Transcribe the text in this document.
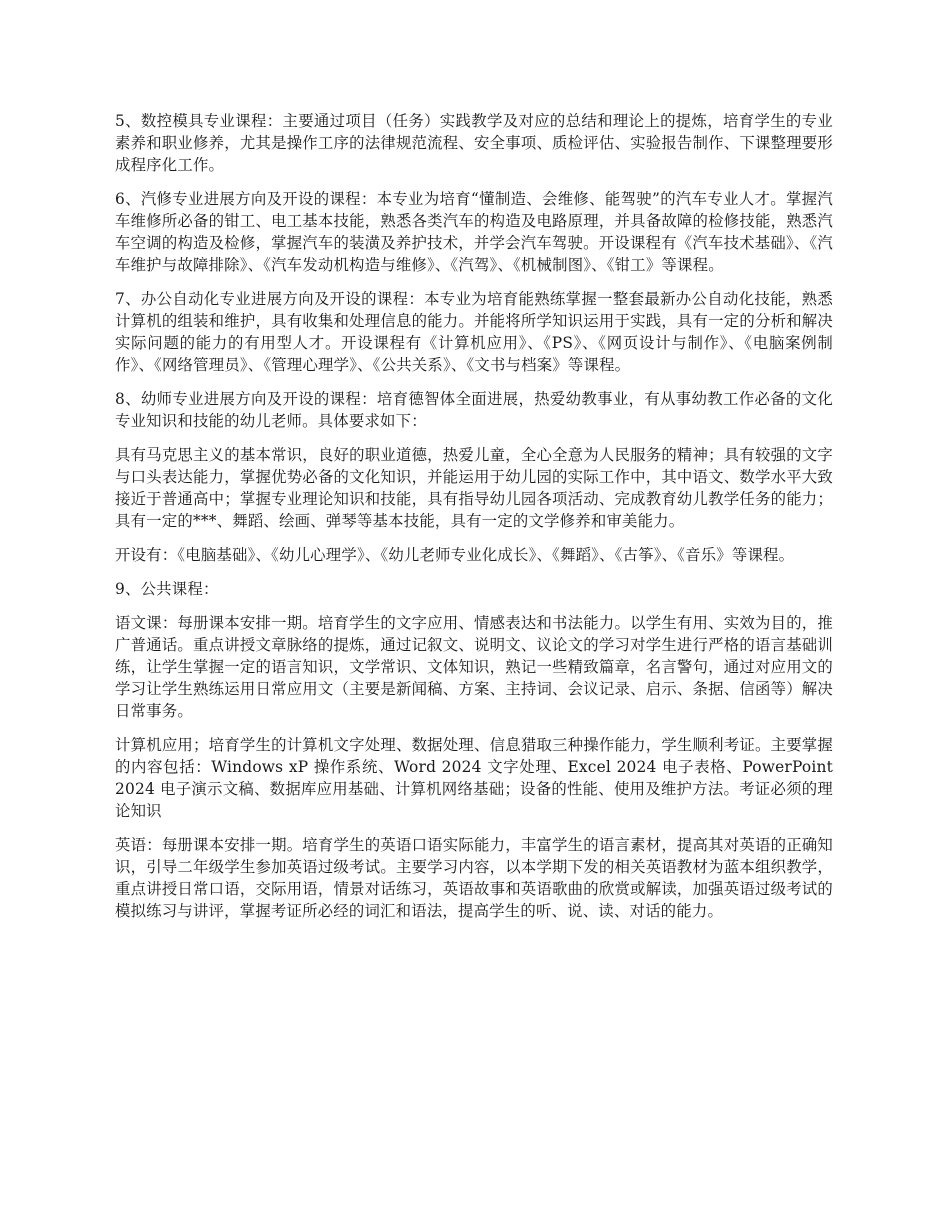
5、数控模具专业课程：主要通过项目（任务）实践教学及对应的总结和理论上的提炼，培育学生的专业素养和职业修养，尤其是操作工序的法律规范流程、安全事项、质检评估、实验报告制作、下课整理要形成程序化工作。

6、汽修专业进展方向及开设的课程：本专业为培育“懂制造、会维修、能驾驶”的汽车专业人才。掌握汽车维修所必备的钳工、电工基本技能，熟悉各类汽车的构造及电路原理，并具备故障的检修技能，熟悉汽车空调的构造及检修，掌握汽车的装潢及养护技术，并学会汽车驾驶。开设课程有《汽车技术基础》、《汽车维护与故障排除》、《汽车发动机构造与维修》、《汽驾》、《机械制图》、《钳工》等课程。

7、办公自动化专业进展方向及开设的课程：本专业为培育能熟练掌握一整套最新办公自动化技能，熟悉计算机的组装和维护，具有收集和处理信息的能力。并能将所学知识运用于实践，具有一定的分析和解决实际问题的能力的有用型人才。开设课程有《计算机应用》、《PS》、《网页设计与制作》、《电脑案例制作》、《网络管理员》、《管理心理学》、《公共关系》、《文书与档案》等课程。

8、幼师专业进展方向及开设的课程：培育德智体全面进展，热爱幼教事业，有从事幼教工作必备的文化专业知识和技能的幼儿老师。具体要求如下：

具有马克思主义的基本常识，良好的职业道德，热爱儿童，全心全意为人民服务的精神；具有较强的文字与口头表达能力，掌握优势必备的文化知识，并能运用于幼儿园的实际工作中，其中语文、数学水平大致接近于普通高中；掌握专业理论知识和技能，具有指导幼儿园各项活动、完成教育幼儿教学任务的能力；具有一定的***、舞蹈、绘画、弹琴等基本技能，具有一定的文学修养和审美能力。

开设有：《电脑基础》、《幼儿心理学》、《幼儿老师专业化成长》、《舞蹈》、《古筝》、《音乐》等课程。

9、公共课程：

语文课：每册课本安排一期。培育学生的文字应用、情感表达和书法能力。以学生有用、实效为目的，推广普通话。重点讲授文章脉络的提炼，通过记叙文、说明文、议论文的学习对学生进行严格的语言基础训练，让学生掌握一定的语言知识，文学常识、文体知识，熟记一些精致篇章，名言警句，通过对应用文的学习让学生熟练运用日常应用文（主要是新闻稿、方案、主持词、会议记录、启示、条据、信函等）解决日常事务。

计算机应用；培育学生的计算机文字处理、数据处理、信息猎取三种操作能力，学生顺利考证。主要掌握的内容包括：Windows xP 操作系统、Word 2024 文字处理、Excel 2024 电子表格、PowerPoint 2024 电子演示文稿、数据库应用基础、计算机网络基础；设备的性能、使用及维护方法。考证必须的理论知识

英语：每册课本安排一期。培育学生的英语口语实际能力，丰富学生的语言素材，提高其对英语的正确知识，引导二年级学生参加英语过级考试。主要学习内容，以本学期下发的相关英语教材为蓝本组织教学，重点讲授日常口语，交际用语，情景对话练习，英语故事和英语歌曲的欣赏或解读，加强英语过级考试的模拟练习与讲评，掌握考证所必经的词汇和语法，提高学生的听、说、读、对话的能力。
